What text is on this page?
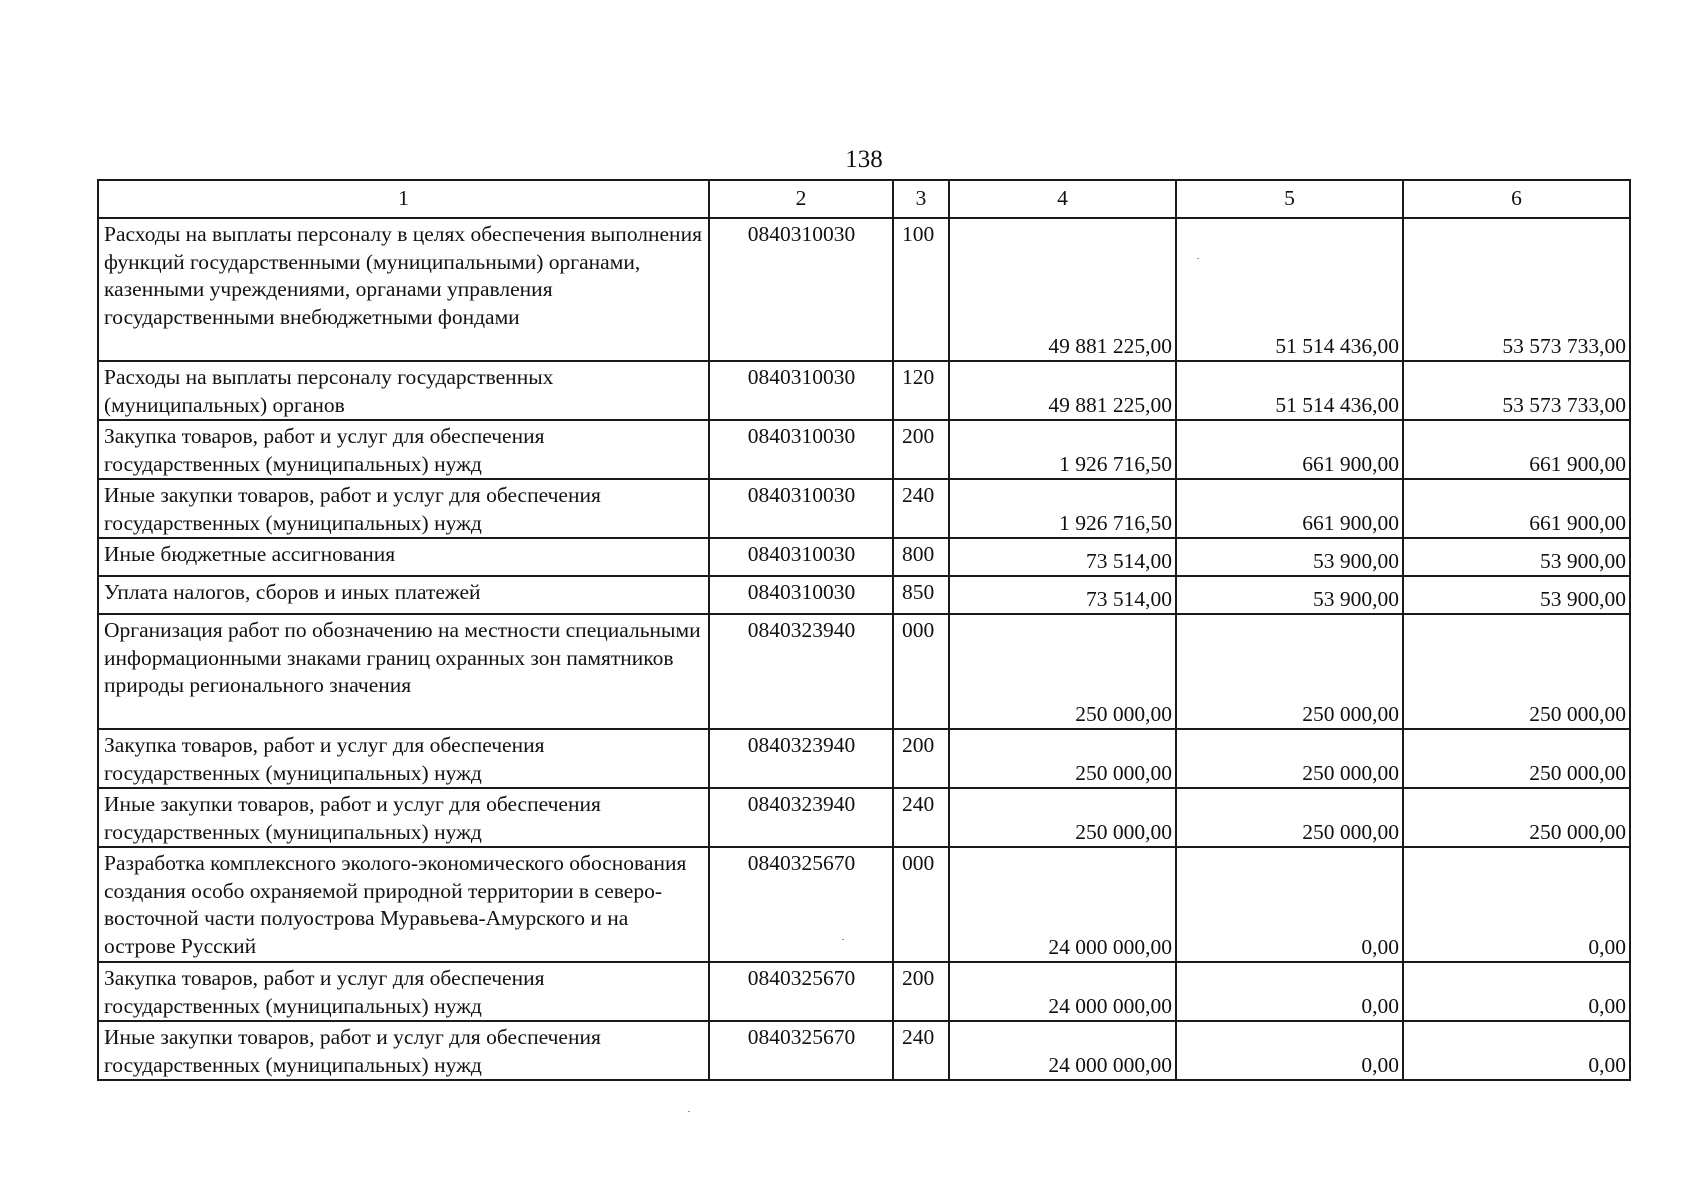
138
1	2	3	4	5	6
Расходы на выплаты персоналу в целях обеспечения выполнения функций государственными (муниципальными) органами, казенными учреждениями, органами управления государственными внебюджетными фондами	0840310030	100	49 881 225,00	51 514 436,00	53 573 733,00
Расходы на выплаты персоналу государственных (муниципальных) органов	0840310030	120	49 881 225,00	51 514 436,00	53 573 733,00
Закупка товаров, работ и услуг для обеспечения государственных (муниципальных) нужд	0840310030	200	1 926 716,50	661 900,00	661 900,00
Иные закупки товаров, работ и услуг для обеспечения государственных (муниципальных) нужд	0840310030	240	1 926 716,50	661 900,00	661 900,00
Иные бюджетные ассигнования	0840310030	800	73 514,00	53 900,00	53 900,00
Уплата налогов, сборов и иных платежей	0840310030	850	73 514,00	53 900,00	53 900,00
Организация работ по обозначению на местности специальными информационными знаками границ охранных зон памятников природы регионального значения	0840323940	000	250 000,00	250 000,00	250 000,00
Закупка товаров, работ и услуг для обеспечения государственных (муниципальных) нужд	0840323940	200	250 000,00	250 000,00	250 000,00
Иные закупки товаров, работ и услуг для обеспечения государственных (муниципальных) нужд	0840323940	240	250 000,00	250 000,00	250 000,00
Разработка комплексного эколого-экономического обоснования создания особо охраняемой природной территории в северо-восточной части полуострова Муравьева-Амурского и на острове Русский	0840325670	000	24 000 000,00	0,00	0,00
Закупка товаров, работ и услуг для обеспечения государственных (муниципальных) нужд	0840325670	200	24 000 000,00	0,00	0,00
Иные закупки товаров, работ и услуг для обеспечения государственных (муниципальных) нужд	0840325670	240	24 000 000,00	0,00	0,00
